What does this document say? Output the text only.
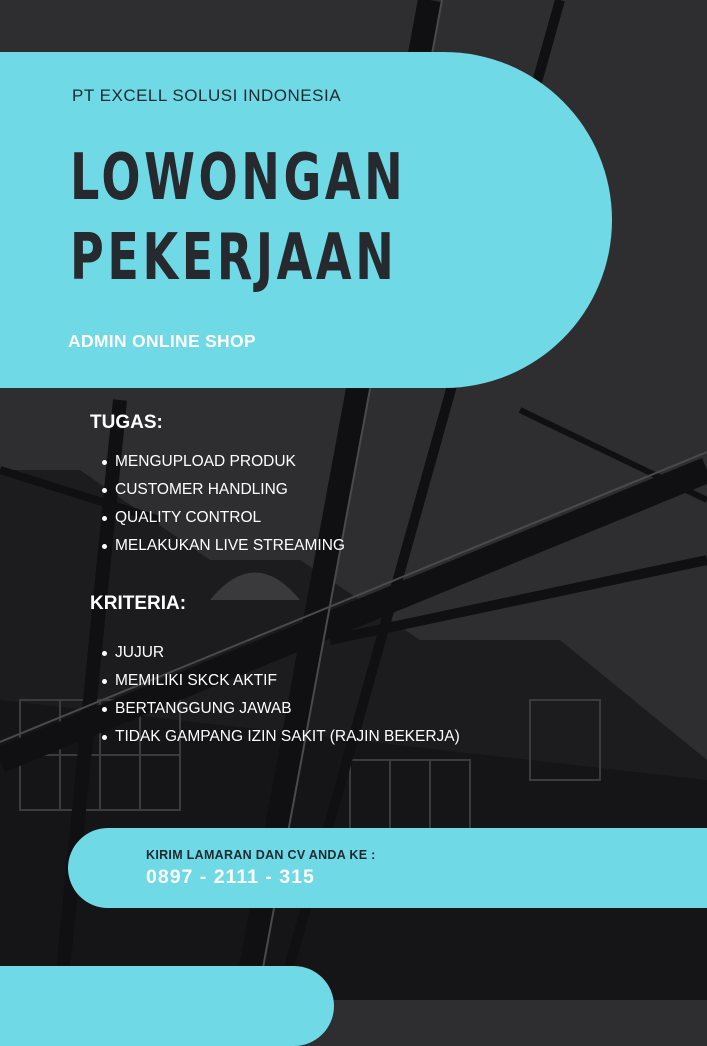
PT EXCELL SOLUSI INDONESIA
LOWONGAN
PEKERJAAN
ADMIN ONLINE SHOP
TUGAS:
MENGUPLOAD PRODUK
CUSTOMER HANDLING
QUALITY CONTROL
MELAKUKAN LIVE STREAMING
KRITERIA:
JUJUR
MEMILIKI SKCK AKTIF
BERTANGGUNG JAWAB
TIDAK GAMPANG IZIN SAKIT (RAJIN BEKERJA)
KIRIM LAMARAN DAN CV ANDA KE :
0897 - 2111 - 315
